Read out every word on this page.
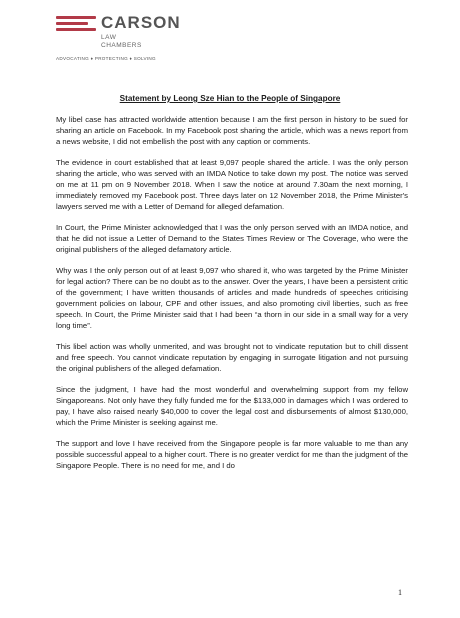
CARSON
LAW
CHAMBERS
ADVOCATING ♦ PROTECTING ♦ SOLVING
Statement by Leong Sze Hian to the People of Singapore

My libel case has attracted worldwide attention because I am the first person in history to be sued for sharing an article on Facebook. In my Facebook post sharing the article, which was a news report from a news website, I did not embellish the post with any caption or comments.

The evidence in court established that at least 9,097 people shared the article. I was the only person sharing the article, who was served with an IMDA Notice to take down my post. The notice was served on me at 11 pm on 9 November 2018. When I saw the notice at around 7.30am the next morning, I immediately removed my Facebook post. Three days later on 12 November 2018, the Prime Minister's lawyers served me with a Letter of Demand for alleged defamation.

In Court, the Prime Minister acknowledged that I was the only person served with an IMDA notice, and that he did not issue a Letter of Demand to the States Times Review or The Coverage, who were the original publishers of the alleged defamatory article.

Why was I the only person out of at least 9,097 who shared it, who was targeted by the Prime Minister for legal action? There can be no doubt as to the answer. Over the years, I have been a persistent critic of the government; I have written thousands of articles and made hundreds of speeches criticising government policies on labour, CPF and other issues, and also promoting civil liberties, such as free speech. In Court, the Prime Minister said that I had been “a thorn in our side in a small way for a very long time”.

This libel action was wholly unmerited, and was brought not to vindicate reputation but to chill dissent and free speech. You cannot vindicate reputation by engaging in surrogate litigation and not pursuing the original publishers of the alleged defamation.

Since the judgment, I have had the most wonderful and overwhelming support from my fellow Singaporeans. Not only have they fully funded me for the $133,000 in damages which I was ordered to pay, I have also raised nearly $40,000 to cover the legal cost and disbursements of almost $130,000, which the Prime Minister is seeking against me.

The support and love I have received from the Singapore people is far more valuable to me than any possible successful appeal to a higher court. There is no greater verdict for me than the judgment of the Singapore People. There is no need for me, and I do

1
